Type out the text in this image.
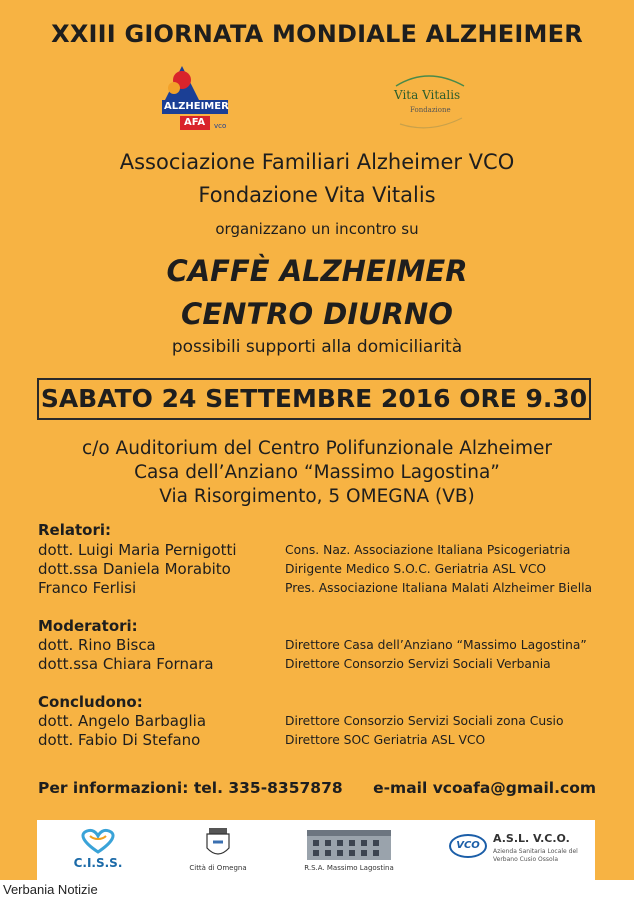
XXIII GIORNATA MONDIALE ALZHEIMER
ALZHEIMER
AFA vco
Vita Vitalis
Fondazione
Associazione Familiari Alzheimer VCO
Fondazione Vita Vitalis
organizzano un incontro su
CAFFÈ ALZHEIMER
CENTRO DIURNO
possibili supporti alla domiciliarità
SABATO 24 SETTEMBRE 2016 ORE 9.30
c/o Auditorium del Centro Polifunzionale Alzheimer
Casa dell’Anziano “Massimo Lagostina”
Via Risorgimento, 5 OMEGNA (VB)
Relatori:
dott. Luigi Maria Pernigotti	Cons. Naz. Associazione Italiana Psicogeriatria
dott.ssa Daniela Morabito	Dirigente Medico S.O.C. Geriatria ASL VCO
Franco Ferlisi	Pres. Associazione Italiana Malati Alzheimer Biella
Moderatori:
dott. Rino Bisca	Direttore Casa dell’Anziano “Massimo Lagostina”
dott.ssa Chiara Fornara	Direttore Consorzio Servizi Sociali Verbania
Concludono:
dott. Angelo Barbaglia	Direttore Consorzio Servizi Sociali zona Cusio
dott. Fabio Di Stefano	Direttore SOC Geriatria ASL VCO
Per informazioni: tel. 335-8357878 e-mail vcoafa@gmail.com
C.I.S.S.	Città di Omegna	R.S.A. Massimo Lagostina
VCO
A.S.L. V.C.O.
Azienda Sanitaria Locale del Verbano Cusio Ossola
Verbania Notizie
